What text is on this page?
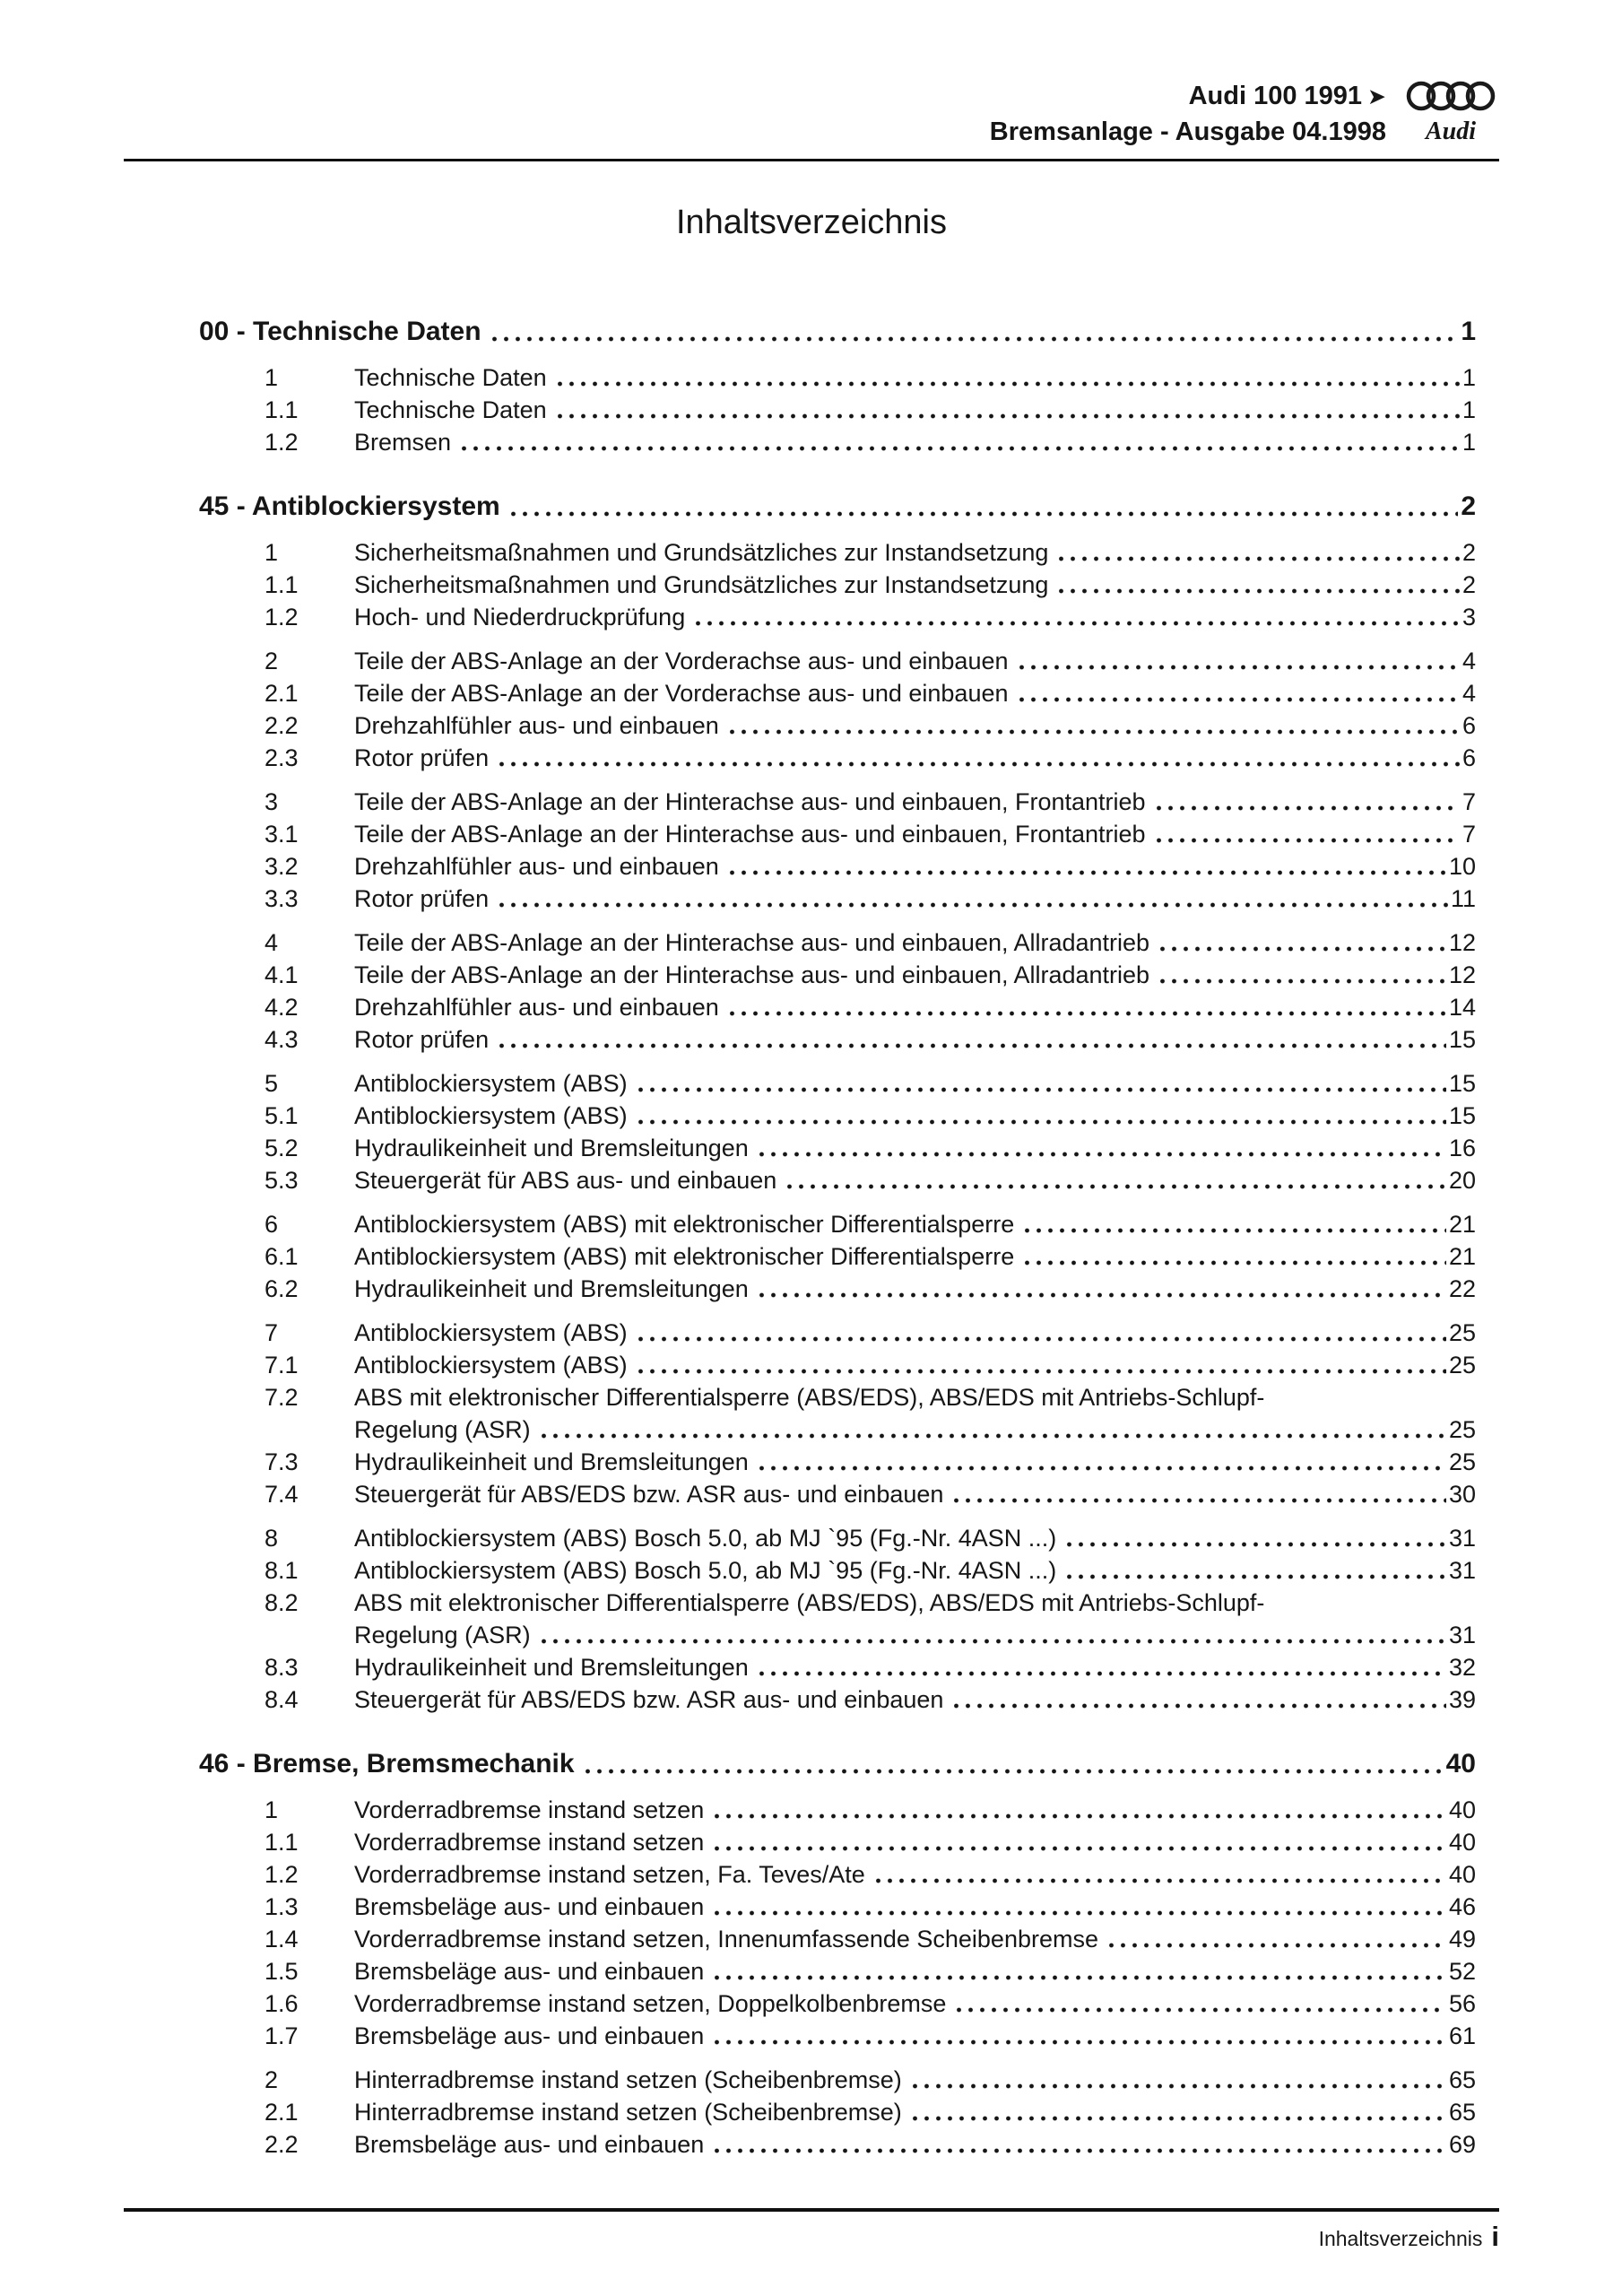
Audi 100 1991 ➤
Bremsanlage - Ausgabe 04.1998	Audi
Inhaltsverzeichnis
00 - Technische Daten	1
1	Technische Daten	1
1.1	Technische Daten	1
1.2	Bremsen	1
45 - Antiblockiersystem	2
1	Sicherheitsmaßnahmen und Grundsätzliches zur Instandsetzung	2
1.1	Sicherheitsmaßnahmen und Grundsätzliches zur Instandsetzung	2
1.2	Hoch- und Niederdruckprüfung	3
2	Teile der ABS-Anlage an der Vorderachse aus- und einbauen	4
2.1	Teile der ABS-Anlage an der Vorderachse aus- und einbauen	4
2.2	Drehzahlfühler aus- und einbauen	6
2.3	Rotor prüfen	6
3	Teile der ABS-Anlage an der Hinterachse aus- und einbauen, Frontantrieb	7
3.1	Teile der ABS-Anlage an der Hinterachse aus- und einbauen, Frontantrieb	7
3.2	Drehzahlfühler aus- und einbauen	10
3.3	Rotor prüfen	11
4	Teile der ABS-Anlage an der Hinterachse aus- und einbauen, Allradantrieb	12
4.1	Teile der ABS-Anlage an der Hinterachse aus- und einbauen, Allradantrieb	12
4.2	Drehzahlfühler aus- und einbauen	14
4.3	Rotor prüfen	15
5	Antiblockiersystem (ABS)	15
5.1	Antiblockiersystem (ABS)	15
5.2	Hydraulikeinheit und Bremsleitungen	16
5.3	Steuergerät für ABS aus- und einbauen	20
6	Antiblockiersystem (ABS) mit elektronischer Differentialsperre	21
6.1	Antiblockiersystem (ABS) mit elektronischer Differentialsperre	21
6.2	Hydraulikeinheit und Bremsleitungen	22
7	Antiblockiersystem (ABS)	25
7.1	Antiblockiersystem (ABS)	25
7.2	ABS mit elektronischer Differentialsperre (ABS/EDS), ABS/EDS mit Antriebs-Schlupf-
Regelung (ASR)	25
7.3	Hydraulikeinheit und Bremsleitungen	25
7.4	Steuergerät für ABS/EDS bzw. ASR aus- und einbauen	30
8	Antiblockiersystem (ABS) Bosch 5.0, ab MJ `95 (Fg.-Nr. 4ASN ...)	31
8.1	Antiblockiersystem (ABS) Bosch 5.0, ab MJ `95 (Fg.-Nr. 4ASN ...)	31
8.2	ABS mit elektronischer Differentialsperre (ABS/EDS), ABS/EDS mit Antriebs-Schlupf-
Regelung (ASR)	31
8.3	Hydraulikeinheit und Bremsleitungen	32
8.4	Steuergerät für ABS/EDS bzw. ASR aus- und einbauen	39
46 - Bremse, Bremsmechanik	40
1	Vorderradbremse instand setzen	40
1.1	Vorderradbremse instand setzen	40
1.2	Vorderradbremse instand setzen, Fa. Teves/Ate	40
1.3	Bremsbeläge aus- und einbauen	46
1.4	Vorderradbremse instand setzen, Innenumfassende Scheibenbremse	49
1.5	Bremsbeläge aus- und einbauen	52
1.6	Vorderradbremse instand setzen, Doppelkolbenbremse	56
1.7	Bremsbeläge aus- und einbauen	61
2	Hinterradbremse instand setzen (Scheibenbremse)	65
2.1	Hinterradbremse instand setzen (Scheibenbremse)	65
2.2	Bremsbeläge aus- und einbauen	69
Inhaltsverzeichnis i
